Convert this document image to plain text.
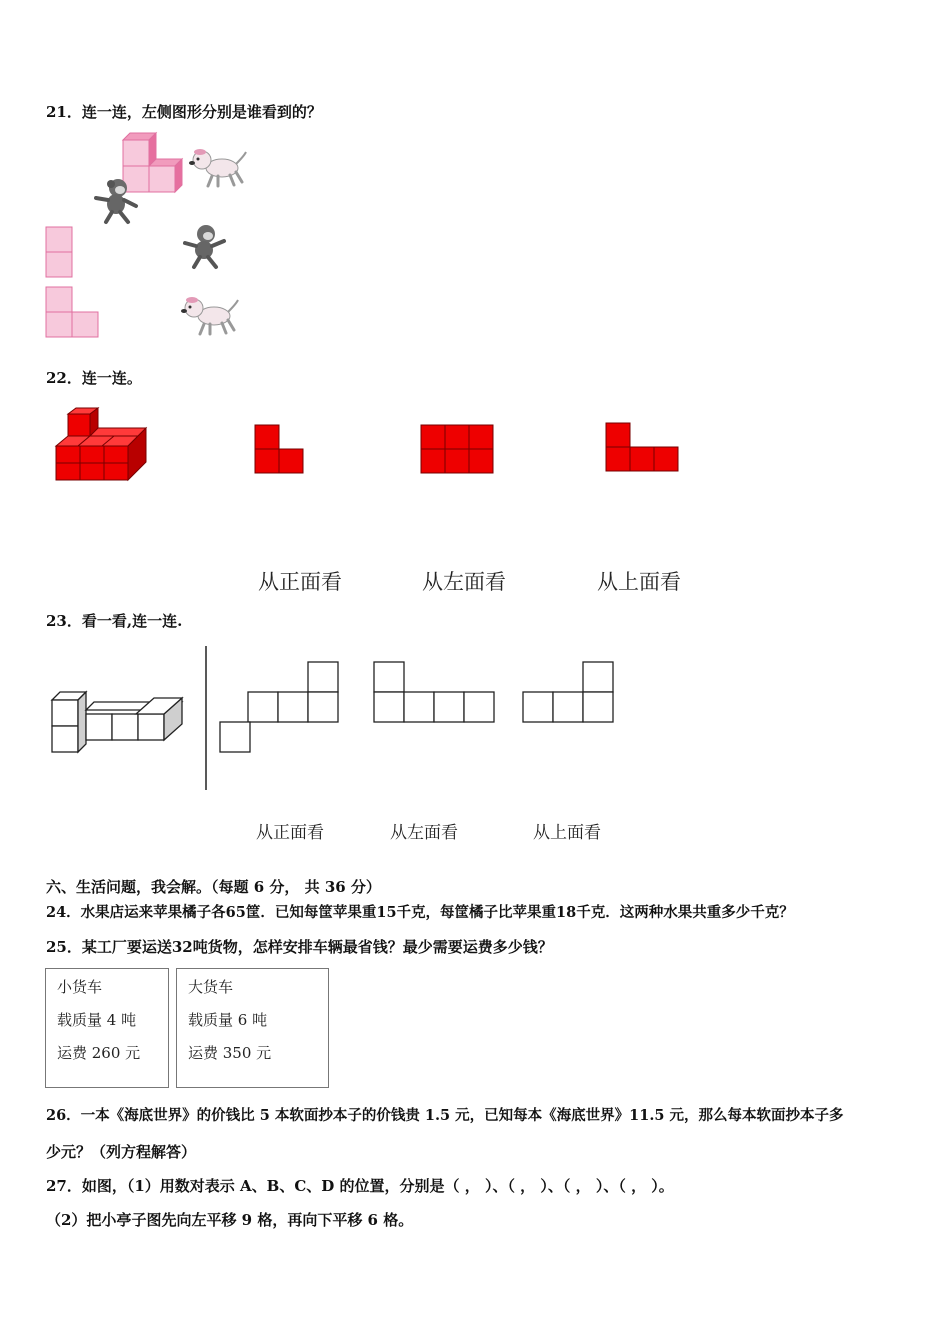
21．连一连，左侧图形分别是谁看到的？
22．连一连。
从正面看	从左面看	从上面看
23．看一看,连一连.
从正面看	从左面看	从上面看
六、生活问题，我会解。（每题 6 分， 共 36 分）
24．水果店运来苹果橘子各65筐．已知每筐苹果重15千克，每筐橘子比苹果重18千克．这两种水果共重多少千克？
25．某工厂要运送32吨货物，怎样安排车辆最省钱？最少需要运费多少钱？
小货车
载质量 4 吨
运费 260 元
大货车
载质量 6 吨
运费 350 元
26．一本《海底世界》的价钱比 5 本软面抄本子的价钱贵 1.5 元，已知每本《海底世界》11.5 元，那么每本软面抄本子多
少元？（列方程解答）
27．如图，（1）用数对表示 A、B、C、D 的位置，分别是（ ， ）、（ ， ）、（ ， ）、（ ， ）。
（2）把小亭子图先向左平移 9 格，再向下平移 6 格。
